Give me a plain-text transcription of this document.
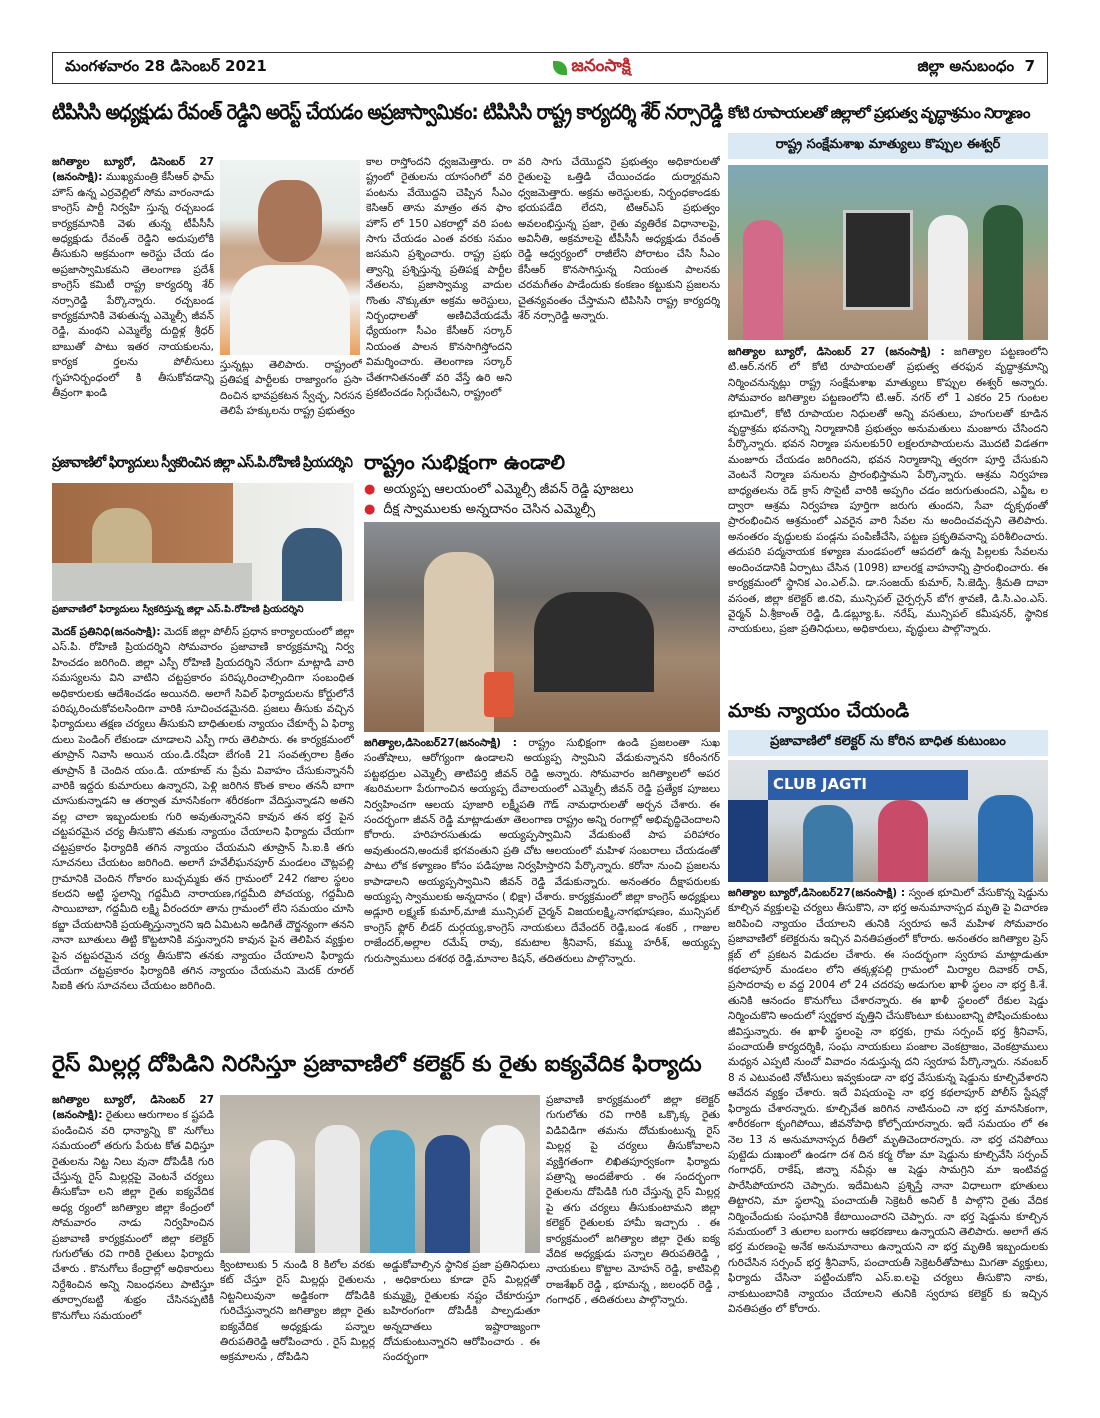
మంగళవారం 28 డిసెంబర్ 2021	జనంసాక్షి	జిల్లా అనుబంధం 7
టిపిసిసి అధ్యక్షుడు రేవంత్ రెడ్డిని అరెస్ట్ చేయడం అప్రజాస్వామికం: టిపిసిసి రాష్ట్ర కార్యదర్శి శేర్ నర్సారెడ్డి
జగిత్యాల బ్యూరో, డిసెంబర్ 27 (జనంసాక్షి): ముఖ్యమంత్రి కేసీఆర్ ఫామ్ హౌస్ ఉన్న ఎర్రవెల్లిలో సోమ వారంనాడు కాంగ్రెస్ పార్టీ నిర్వహి స్తున్న రచ్చబండ కార్యక్రమానికి వెళు తున్న టీపీసీసీ అధ్యక్షుడు రేవంత్ రెడ్డిని అదుపులోకి తీసుకుని అక్రమంగా అరెస్టు చేయ డం అప్రజాస్వామికమని తెలంగాణ ప్రదేశ్ కాంగ్రెస్ కమిటీ రాష్ట్ర కార్యదర్శి శేర్ నర్సారెడ్డి పేర్కొన్నారు. రచ్చబండ కార్యక్రమానికి వెళుతున్న ఎమ్మెల్సీ జీవన్ రెడ్డి, మంథని ఎమ్మెల్యే దుద్దిళ్ల శ్రీధర్ బాబుతో పాటు ఇతర నాయకులను, కార్యక ర్తలను పోలీసులు గృహనిర్బంధంలో కి తీసుకోవడాన్ని తీవ్రంగా ఖండి
స్తున్నట్లు తెలిపారు. రాష్ట్రంలో ప్రతిపక్ష పార్టీలకు రాజ్యాంగం ప్రసా దించిన భావప్రకటన స్వేచ్ఛ, నిరసన తెలిపే హక్కులను రాష్ట్ర ప్రభుత్వం
కాల రాస్తోందని ధ్వజమెత్తారు. రా ష్ట్రంలో రైతులను యాసంగిలో వరి పంటను వేయొద్దని చెప్పిన సీఎం కెసిఆర్ తాను మాత్రం తన ఫాం హౌస్ లో 150 ఎకరాల్లో వరి పంట సాగు చేయడం ఎంత వరకు సమం జసమని ప్రశ్నించారు. రాష్ట్ర ప్రభు త్వాన్ని ప్రశ్నిస్తున్న ప్రతిపక్ష పార్టీల నేతలను, ప్రజాస్వామ్య వాదుల గొంతు నొక్కుతూ అక్రమ అరెస్టులు, నిర్బంధాలతో అణిచివేయడమే ధ్యేయంగా సీఎం కేసీఆర్ సర్కార్ నియంత పాలన కొనసాగిస్తోందని విమర్శించారు. తెలంగాణ సర్కార్ చేతగానితనంతో వరి వేస్తే ఉరి అని ప్రకటించడం సిగ్గుచేటని, రాష్ట్రంలో
వరి సాగు చేయొద్దని ప్రభుత్వం అధికారులతో రైతులపై ఒత్తిడి చేయించడం దుర్మార్గమని ధ్వజమెత్తారు. అక్రమ అరెస్టులకు, నిర్బంధకాండకు భయపడేది లేదని, టిఆర్ఎస్ ప్రభుత్వం అవలంభిస్తున్న ప్రజా, రైతు వ్యతిరేక విధానాలపై, అవినీతి, అక్రమాలపై టీపీసీసీ అధ్యక్షుడు రేవంత్ రెడ్డి ఆధ్వర్యంలో రాజీలేని పోరాటం చేసి సీఎం కేసీఆర్ కొనసాగిస్తున్న నియంత పాలనకు చరమగీతం పాడేందుకు కంకణం కట్టుకుని ప్రజలను చైతన్యవంతం చేస్తామని టిపిసిసి రాష్ట్ర కార్యదర్శి శేర్ నర్సారెడ్డి అన్నారు.
కోటి రూపాయలతో జిల్లాలో ప్రభుత్వ వృద్ధాశ్రమం నిర్మాణం
రాష్ట్ర సంక్షేమశాఖ మాత్యులు కొప్పుల ఈశ్వర్
జగిత్యాల బ్యూరో, డిసెంబర్ 27 (జనంసాక్షి) : జగిత్యాల పట్టణంలోని టి.ఆర్.నగర్ లో కోటి రూపాయలతో ప్రభుత్వ తరఫున వృద్ధాశ్రమాన్ని నిర్మించనున్నట్లు రాష్ట్ర సంక్షేమశాఖ మాత్యులు కొప్పుల ఈశ్వర్ అన్నారు. సోమవారం జగిత్యాల పట్టణంలోని టి.ఆర్. నగర్ లో 1 ఎకరం 25 గుంటల భూమిలో, కోటి రూపాయల నిధులతో అన్ని వసతులు, హంగులతో కూడిన వృద్ధాశ్రమ భవనాన్ని నిర్మాణానికి ప్రభుత్వం అనుమతులు మంజూరు చేసిందని పేర్కొన్నారు. భవన నిర్మాణ పనులకు50 లక్షలరూపాయలను మొదటి విడతగా మంజూరు చేయడం జరిగిందని, భవన నిర్మాణాన్ని త్వరగా పూర్తి చేసుకుని వెంటనే నిర్మాణ పనులను ప్రారంభిస్తామని పేర్కొన్నారు. ఆశ్రమ నిర్వహణ బాధ్యతలను రెడ్ క్రాస్ సొసైటీ వారికి అప్పగిం చడం జరుగుతుందని, ఎన్జీఒ ల ద్వారా ఆశ్రమ నిర్వహణ పూర్తిగా జరుగు తుందని, సేవా దృక్పథంతో ప్రారంభించిన ఆశ్రమంలో ఎవరైన వారి సేవల ను అందించవచ్చని తెలిపారు. అనంతరం వృద్ధులకు పండ్లను పంపిణీచేసి, పట్టణ ప్రకృతివనాన్ని పరిశీలించారు. తదుపరి పద్మనాయక కళ్యాణ మండపంలో ఆపదలో ఉన్న పిల్లలకు సేవలను అందించడానికి ఏర్పాటు చేసిన (1098) బాలరక్ష వాహనాన్ని ప్రారంభించారు. ఈ కార్యక్రమంలో స్థానిక ఎం.ఎల్.ఏ. డా.సంజయ్ కుమార్, సి.జెడ్పి. శ్రీమతి దావా వసంత, జిల్లా కలెక్టర్ జి.రవి, మున్సిపల్ చైర్పర్సన్ బోగ శ్రావణి, డి.సి.ఎం.ఎస్. వైర్మన్ ఏ.శ్రీకాంత్ రెడ్డి, డి.డబ్ల్యూ.ఓ. నరేష్, మున్సిపల్ కమీషనర్, స్థానిక నాయకులు, ప్రజా ప్రతినిధులు, అధికారులు, వృద్ధులు పాల్గొన్నారు.
ప్రజావాణిలో ఫిర్యాదులు స్వీకరించిన జిల్లా ఎస్.పి.రోహిణి ప్రియదర్శిని
ప్రజావాణిలో ఫిర్యాదులు స్వీకరిస్తున్న జిల్లా ఎస్.పి.రోహిణి ప్రియదర్శిని
మెదక్ ప్రతినిధి(జనంసాక్షి): మెదక్ జిల్లా పోలీస్ ప్రధాన కార్యాలయంలో జిల్లా ఎస్.పి. రోహిణి ప్రియదర్శిని సోమవారం ప్రజావాణి కార్యక్రమాన్ని నిర్వ హించడం జరిగింది. జిల్లా ఎస్పీ రోహిణి ప్రియదర్శిని నేరుగా మాట్లాడి వారి సమస్యలను విని వాటిని చట్టప్రకారం పరిష్కరించాల్సిందిగా సంబంధిత అధికారులకు ఆదేశించడం అయినది. అలాగే సివిల్ ఫిర్యాదులను కోర్టులోనే పరిష్కరించుకోవలసిందిగా వారికి సూచించడమైనది. ప్రజలు తీసుకు వచ్చిన ఫిర్యాదులు తక్షణ చర్యలు తీసుకుని బాధితులకు న్యాయం చేకూర్చే ఏ ఫిర్యా దులు పెండింగ్ లేకుండా చూడాలని ఎస్పీ గారు తెలిపారు. ఈ కార్యక్రమంలో తూప్రాన్ నివాసి అయిన యం.డి.రషీదా బేగంకి 21 సంవత్సరాల క్రితం తూప్రాన్ కి చెందిన యం.డి. యాకూబ్ ను ప్రేమ వివాహం చేసుకున్నాననీ వారికి ఇద్దరు కుమారులు ఉన్నారని, పెళ్లి జరిగిన కొంత కాలం తననీ బాగా చూసుకున్నాడని ఆ తర్వాత మానసికంగా శరీరకంగా వేదిస్తున్నాడని అతని వల్ల చాలా ఇబ్బందులకు గురి అవుతున్నానని కావున తన భర్త పైన చట్టపరమైన చర్య తీసుకొని తమకు న్యాయం చేయాలని ఫిర్యాదు చేయగా చట్టప్రకారం ఫిర్యాదికి తగిన న్యాయం చేయమని తూప్రాన్ సి.ఐ.కి తగు సూచనలు చేయటం జరిగింది. అలాగే హవేలీఘనపూర్ మండలం చౌట్లపల్లి గ్రామానికి చెందిన గోకారం బుచ్చమ్మకు తన గ్రామంలో 242 గజాల స్థలం కలదని అట్టి స్థలాన్ని గద్దమీది నారాయణ,గద్దమీది పోచయ్య, గద్దమీది సాయిబాబా, గద్దమీది లక్ష్మి వీరందరూ తాను గ్రామంలో లేని సమయం చూసి కబ్జా చేయటానికి ప్రయత్నిస్తున్నారని ఇది ఏమిటని అడిగితే దౌర్జన్యంగా తనని నానా బూతులు తిట్టి కొట్టటానికి వస్తున్నారని కావున పైన తెలిపిన వ్యక్తుల పైన చట్టపరమైన చర్య తీసుకొని తనకు న్యాయం చేయాలని ఫిర్యాదు చేయగా చట్టప్రకారం ఫిర్యాదికి తగిన న్యాయం చేయమని మెదక్ రూరల్ సిఐకి తగు సూచనలు చేయటం జరిగింది.
రాష్ట్రం సుభిక్షంగా ఉండాలి
● అయ్యప్ప ఆలయంలో ఎమ్మెల్సీ జీవన్ రెడ్డి పూజలు
● దీక్ష స్వాములకు అన్నదానం చెసిన ఎమ్మెల్సీ
జగిత్యాల,డిసెంబర్27(జనంసాక్షి) : రాష్ట్రం సుభిక్షంగా ఉండి ప్రజలంతా సుఖ సంతోషాలు, ఆరోగ్యంగా ఉండాలని అయ్యప్ప స్వామిని వేడుకున్నానని కరీంనగర్ పట్టభద్రుల ఎమ్మెల్సీ తాటిపర్తి జీవన్ రెడ్డి అన్నారు. సోమవారం జగిత్యాలలో అపర శబరిమలగా పేరుగాంచిన అయ్యప్ప దేవాలయంలో ఎమ్మెల్సీ జీవన్ రెడ్డి ప్రత్యేక పూజలు నిర్వహించగా ఆలయ పూజారి లక్ష్మీపతి గౌడ్ నామధారులతో అర్చన చేశారు. ఈ సందర్భంగా జీవన్ రెడ్డి మాట్లాడుతూ తెలంగాణ రాష్ట్రం అన్ని రంగాల్లో అభివృద్ధిచెందాలని కోరారు. హరిహరసుతుడు అయ్యప్పస్వామిని వేడుకుంటే పాప పరిహారం అవుతుందని,అందుకే భగవంతుని ప్రతి చోట ఆలయంలో మహిళ సంబరాలు చేయడంతో పాటు లోక కళ్యాణం కోసం పడిపూజ నిర్వహిస్తారని పేర్కొన్నారు. కరోనా నుంచి ప్రజలను కాపాడాలని అయ్యప్పస్వామిని జీవన్ రెడ్డి వేడుకున్నారు. అనంతరం దీక్షాపరులకు అయ్యప్ప స్వాములకు అన్నదానం ( భిక్షా) చేశారు. కార్యక్రమంలో జిల్లా కాంగ్రెస్ అధ్యక్షులు అడ్లూరి లక్ష్మణ్ కుమార్,మాజీ మున్సిపల్ చైర్మన్ విజయలక్ష్మి,నాగభూషణం, మున్సిపల్ కాంగ్రెస్ ఫ్లోర్ లీడర్ దుర్గయ్య,కాంగ్రెస్ నాయకులు దేవేందర్ రెడ్డి,బండ శంకర్ , గాజుల రాజేందర్,అల్లాల రమేష్ రావు, కమటాల శ్రీనివాస్, కమ్ము హరీశ్, అయ్యప్ప గురుస్వాములు దశరథ రెడ్డి,మానాల కిషన్, తదితరులు పాల్గొన్నారు.
మాకు న్యాయం చేయండి
ప్రజావాణిలో కలెక్టర్ ను కోరిన బాధిత కుటుంబం
CLUB JAGTI
జగిత్యాల బ్యూరో,డిసెంబర్27(జనంసాక్షి) : స్వంత భూమిలో వేసుకొన్న షెడ్డును కూల్చిన వ్యక్తులపై చర్యలు తీసుకొని, నా భర్త అనుమానాస్పద మృతి పై విచారణ జరిపించి న్యాయం చేయాలని తునికి స్వరూప అనే మహిళ సోమవారం ప్రజావాణిలో కలెక్టరును ఇచ్చిన వినతిపత్రంలో కోరారు. అనంతరం జగిత్యాల ప్రెస్ క్లబ్ లో ప్రకటన విడుదల చేశారు. ఈ సందర్భంగా స్వరూప మాట్లాడుతూ కథలాపూర్ మండలం లోని తక్కళ్లపల్లి గ్రామంలో మిర్యాల దివాకర్ రావ్, ప్రసాదరావు ల వద్ద 2004 లో 24 చదరపు అడుగుల ఖాళీ స్థలం నా భర్త కి.శే. తునికి ఆనందం కొనుగోలు చేశారన్నారు. ఈ ఖాళీ స్థలంలో రేకుల షెడ్డు నిర్మించుకొని అందులో స్వర్ణకార వృత్తిని చేసుకొంటూ కుటుంబాన్ని పోషించుకుంటు జీవిస్తున్నారు. ఈ ఖాళీ స్థలంపై నా భర్తకు, గ్రామ సర్పంచ్ భర్త శ్రీనివాస్, పంచాయతీ కార్యదర్శికి, సంఘ నాయకులు పంజాల వెంకట్రాజం, వెంకట్రాములు మధ్యన ఎప్పటి నుంచో వివాదం నడుస్తున్న దని స్వరూప పేర్కొన్నారు. నవంబర్ 8 న ఎటువంటి నోటీసులు ఇవ్వకుండా నా భర్త వేసుకున్న షెడ్డును కూల్చివేశారని ఆవేదన వ్యక్తం చేశారు. ఇదే విషయంపై నా భర్త కథలాపూర్ పోలీస్ స్టేషన్లో ఫిర్యాదు చేశారన్నారు. కూల్చివేత జరిగిన నాటినుంచి నా భర్త మానసికంగా, శారీరకంగా కృంగిపోయి, జీవనోపాధి కోల్పోయారన్నారు. ఇదే సమయం లో ఈ నెల 13 న అనుమానాస్పద రీతిలో మృతిచెందారన్నారు. నా భర్త చనిపోయి పుట్టెడు దుఃఖంలో ఉండగా దశ దిన కర్మ రోజు మా షెడ్డును కూల్చివేసి సర్పంచ్ గంగాధర్, రాకేష్, జిన్నా నవీన్లు ఆ షెడ్డు సామగ్రిని మా ఇంటివద్ద పారేసిపోయారని చెప్పారు. ఇదేమిటని ప్రశ్నిస్తే నానా విధాలుగా భూతులు తిట్టారని, మా స్థలాన్ని పంచాయతీ సెక్రెటరీ అనిల్ కి పాల్గొని రైతు వేదిక నిర్మించేందుకు సంఘానికి కేటాయించారని చెప్పారు. నా భర్త షెడ్డును కూల్చిన సమయంలో 3 తులాల బంగారు ఆభరణాలు ఉన్నాయని తెలిపారు. అలాగే తన భర్త మరణంపై అనేక అనుమానాలు ఉన్నాయని నా భర్త మృతికి ఇబ్బందులకు గురిచేసిన సర్పంచ్ భర్త శ్రీనివాస్, పంచాయతీ సెక్రెటరీతోపాటు మిగతా వ్యక్తులు, ఫిర్యాదు చేసినా పట్టించుకోని ఎస్.ఐ.లపై చర్యలు తీసుకొని నాకు, నాకుటుంబానికి న్యాయం చేయాలని తునికి స్వరూప కలెక్టర్ కు ఇచ్చిన వినతిపత్రం లో కోరారు.
రైస్ మిల్లర్ల దోపిడిని నిరసిస్తూ ప్రజావాణిలో కలెక్టర్ కు రైతు ఐక్యవేదిక ఫిర్యాదు
జగిత్యాల బ్యూరో, డిసెంబర్ 27 (జనంసాక్షి): రైతులు ఆరుగాలం క ష్టపడి పండించిన వరి ధాన్యాన్ని కొ నుగోలు సమయంలో తరుగు పేరుట కోత విధిస్తూ రైతులను నిట్ట నిలు వునా దోపిడీకి గురి చేస్తున్న రైస్ మిల్లర్లపై వెంటనే చర్యలు తీసుకోవా లని జిల్లా రైతు ఐక్యవేదిక అధ్య ర్యంలో జగిత్యాల జిల్లా కేంద్రంలో సోమవారం నాడు నిర్వహించిన ప్రజావాణి కార్యక్రమంలో జిల్లా కలెక్టర్ గుగులోతు రవి గారికి రైతులు ఫిర్యాదు చేశారు . కొనుగోలు కేంద్రాల్లో అధికారులు నిర్దేశించిన అన్ని నిబంధనలు పాటిస్తూ తూర్పారబట్టి శుభ్రం చేసినప్పటికీ కొనుగోలు సమయంలో
క్వింటాలుకు 5 నుండి 8 కిలోల వరకు కట్ చేస్తూ రైస్ మిల్లర్లు రైతులను నిట్టనిలువునా అడ్డికంగా దోపిడికి గురిచేస్తున్నారని జగిత్యాల జిల్లా రైతు ఐక్యవేదిక అధ్యక్షుడు పన్నాల తిరుపతిరెడ్డి ఆరోపించారు . రైస్ మిల్లర్ల అక్రమాలను , దోపిడిని
అడ్డుకోవాల్సిన స్థానిక ప్రజా ప్రతినిధులు , అధికారులు కూడా రైస్ మిల్లర్లతో కుమ్మక్కై రైతులకు నష్టం చేకూరుస్తూ బహిరంగంగా దోపిడీకి పాల్పడుతూ అన్నదాతలు ఇష్టారాజ్యంగా దోచుకుంటున్నారని ఆరోపించారు . ఈ సందర్భంగా
ప్రజావాణి కార్యక్రమంలో జిల్లా కలెక్టర్ గుగులోతు రవి గారికి ఒక్కొక్క రైతు విడివిడిగా తమను దోచుకుంటున్న రైస్ మిల్లర్ల పై చర్యలు తీసుకోవాలని వ్యక్తిగతంగా లిఖితపూర్వకంగా ఫిర్యాదు పత్రాన్ని అందజేశారు . ఈ సందర్భంగా రైతులను దోపిడికి గురి చేస్తున్న రైస్ మిల్లర్ల పై తగు చర్యలు తీసుకుంటామని జిల్లా కలెక్టర్ రైతులకు హామీ ఇచ్చారు . ఈ కార్యక్రమంలో జగిత్యాల జిల్లా రైతు ఐక్య వేదిక అధ్యక్షుడు పన్నాల తిరుపతిరెడ్డి , నాయకులు కొట్టాల మోహన్ రెడ్డి, కాటిపెల్లి రాజశేఖర్ రెడ్డి , భూమన్న , జలంధర్ రెడ్డి , గంగాధర్ , తదితరులు పాల్గొన్నారు.
